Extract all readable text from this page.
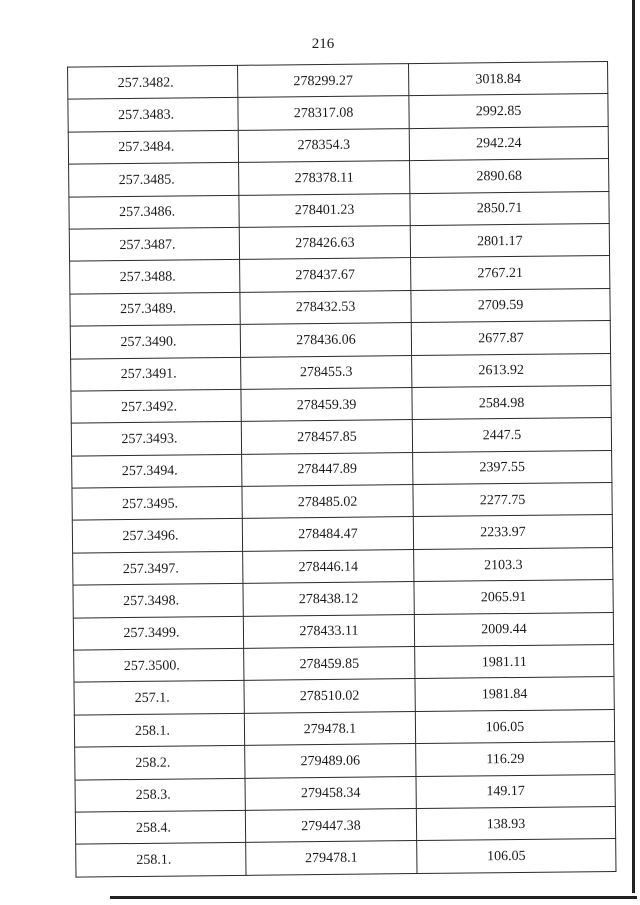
216
257.3482.	278299.27	3018.84
257.3483.	278317.08	2992.85
257.3484.	278354.3	2942.24
257.3485.	278378.11	2890.68
257.3486.	278401.23	2850.71
257.3487.	278426.63	2801.17
257.3488.	278437.67	2767.21
257.3489.	278432.53	2709.59
257.3490.	278436.06	2677.87
257.3491.	278455.3	2613.92
257.3492.	278459.39	2584.98
257.3493.	278457.85	2447.5
257.3494.	278447.89	2397.55
257.3495.	278485.02	2277.75
257.3496.	278484.47	2233.97
257.3497.	278446.14	2103.3
257.3498.	278438.12	2065.91
257.3499.	278433.11	2009.44
257.3500.	278459.85	1981.11
257.1.	278510.02	1981.84
258.1.	279478.1	106.05
258.2.	279489.06	116.29
258.3.	279458.34	149.17
258.4.	279447.38	138.93
258.1.	279478.1	106.05
